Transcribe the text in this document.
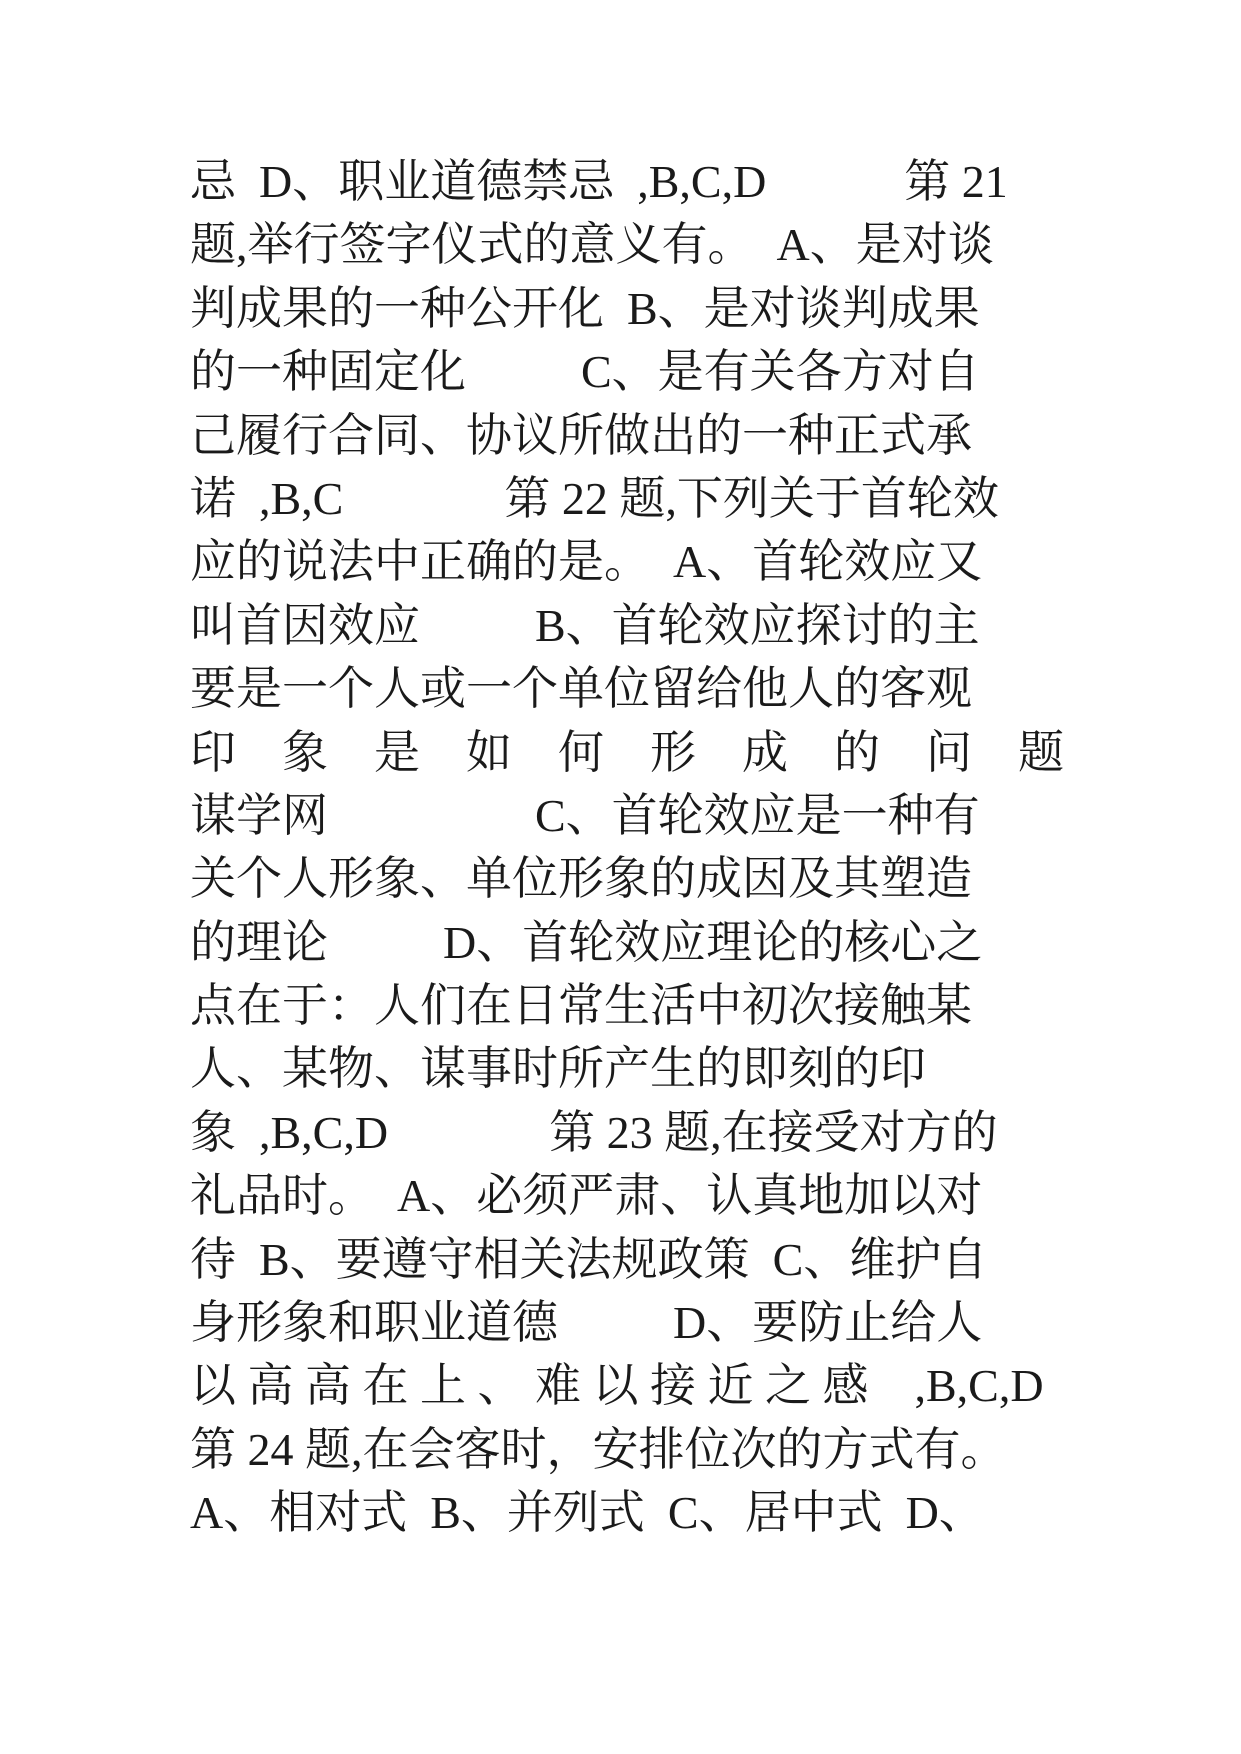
忌  D、职业道德禁忌  ,B,C,D            第 21
题,举行签字仪式的意义有。  A、是对谈
判成果的一种公开化  B、是对谈判成果
的一种固定化          C、是有关各方对自
己履行合同、协议所做出的一种正式承
诺  ,B,C              第 22 题,下列关于首轮效
应的说法中正确的是。  A、首轮效应又
叫首因效应          B、首轮效应探讨的主
要是一个人或一个单位留给他人的客观
印    象    是    如    何    形    成    的    问    题
谋学网                  C、首轮效应是一种有
关个人形象、单位形象的成因及其塑造
的理论          D、首轮效应理论的核心之
点在于：人们在日常生活中初次接触某
人、某物、谋事时所产生的即刻的印
象  ,B,C,D              第 23 题,在接受对方的
礼品时。  A、必须严肃、认真地加以对
待  B、要遵守相关法规政策  C、维护自
身形象和职业道德          D、要防止给人
以 高 高 在 上 、 难 以 接 近 之 感    ,B,C,D
第 24 题,在会客时，安排位次的方式有。
A、相对式  B、并列式  C、居中式  D、
